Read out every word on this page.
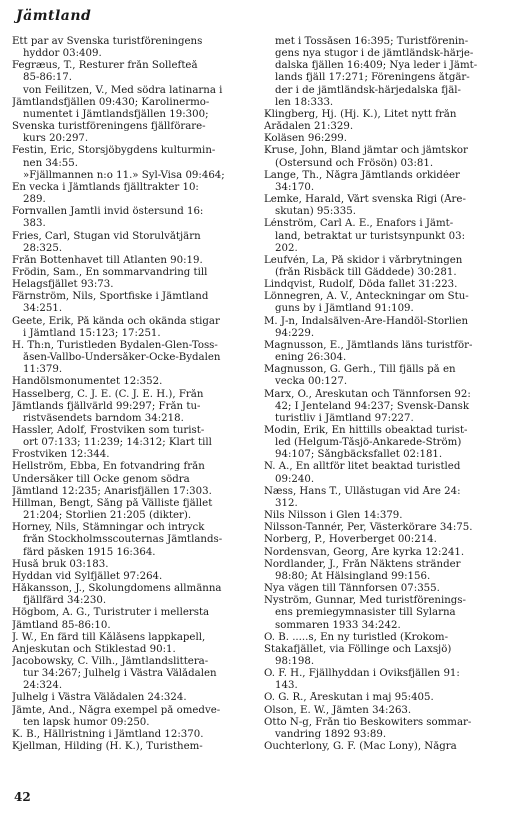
Jämtland
Ett par av Svenska turistföreningens
hyddor 03:409.
Fegræus, T., Resturer från Sollefteå
85-86:17.
von Feilitzen, V., Med södra latinarna i
Jämtlandsfjällen 09:430; Karolinermo-
numentet i Jämtlandsfjällen 19:300;
Svenska turistföreningens fjällförare-
kurs 20:297.
Festin, Eric, Storsjöbygdens kulturmin-
nen 34:55.
»Fjällmannen n:o 11.» Syl-Visa 09:464;
En vecka i Jämtlands fjälltrakter 10:
289.
Fornvallen Jamtli invid östersund 16:
383.
Fries, Carl, Stugan vid Storulvåtjärn
28:325.
Från Bottenhavet till Atlanten 90:19.
Frödin, Sam., En sommarvandring till
Helagsfjället 93:73.
Färnström, Nils, Sportfiske i Jämtland
34:251.
Geete, Erik, På kända och okända stigar
i Jämtland 15:123; 17:251.
H. Th:n, Turistleden Bydalen-Glen-Toss-
åsen-Vallbo-Undersåker-Ocke-Bydalen
11:379.
Handölsmonumentet 12:352.
Hasselberg, C. J. E. (C. J. E. H.), Från
Jämtlands fjällvärld 99:297; Från tu-
ristväsendets barndom 34:218.
Hassler, Adolf, Frostviken som turist-
ort 07:133; 11:239; 14:312; Klart till
Frostviken 12:344.
Hellström, Ebba, En fotvandring från
Undersåker till Ocke genom södra
Jämtland 12:235; Anarisfjällen 17:303.
Hillman, Bengt, Sång på Välliste fjället
21:204; Storlien 21:205 (dikter).
Horney, Nils, Stämningar och intryck
från Stockholmsscouternas Jämtlands-
färd påsken 1915 16:364.
Huså bruk 03:183.
Hyddan vid Sylfjället 97:264.
Håkansson, J., Skolungdomens allmänna
fjällfärd 34:230.
Högbom, A. G., Turistruter i mellersta
Jämtland 85-86:10.
J. W., En färd till Kålåsens lappkapell,
Anjeskutan och Stiklestad 90:1.
Jacobowsky, C. Vilh., Jämtlandslittera-
tur 34:267; Julhelg i Västra Välådalen
24:324.
Julhelg i Västra Välådalen 24:324.
Jämte, And., Några exempel på omedve-
ten lapsk humor 09:250.
K. B., Hällristning i Jämtland 12:370.
Kjellman, Hilding (H. K.), Turisthem-
met i Tossåsen 16:395; Turistförenin-
gens nya stugor i de jämtländsk-härje-
dalska fjällen 16:409; Nya leder i Jämt-
lands fjäll 17:271; Föreningens åtgär-
der i de jämtländsk-härjedalska fjäl-
len 18:333.
Klingberg, Hj. (Hj. K.), Litet nytt från
Arådalen 21:329.
Koläsen 96:299.
Kruse, John, Bland jämtar och jämtskor
(Östersund och Frösön) 03:81.
Lange, Th., Några Jämtlands orkidéer
34:170.
Lemke, Harald, Vårt svenska Rigi (Åre-
skutan) 95:335.
Lénström, Carl A. E., Enafors i Jämt-
land, betraktat ur turistsynpunkt 03:
202.
Leufvén, La, På skidor i vårbrytningen
(från Risbäck till Gäddede) 30:281.
Lindqvist, Rudolf, Döda fallet 31:223.
Lönnegren, A. V., Anteckningar om Stu-
guns by i Jämtland 91:109.
M. J-n, Indalsälven-Åre-Handöl-Storlien
94:229.
Magnusson, E., Jämtlands läns turistför-
ening 26:304.
Magnusson, G. Gerh., Till fjälls på en
vecka 00:127.
Marx, O., Åreskutan och Tännforsen 92:
42; I Jenteland 94:237; Svensk-Dansk
turistliv i Jämtland 97:227.
Modin, Erik, En hittills obeaktad turist-
led (Helgum-Tåsjö-Ankarede-Ström)
94:107; Sångbäcksfallet 02:181.
N. A., En alltför litet beaktad turistled
09:240.
Næss, Hans T., Ullåstugan vid Åre 24:
312.
Nils Nilsson i Glen 14:379.
Nilsson-Tannér, Per, Västerkörare 34:75.
Norberg, P., Hoverberget 00:214.
Nordensvan, Georg, Åre kyrka 12:241.
Nordlander, J., Från Näktens stränder
98:80; Åt Hälsingland 99:156.
Nya vägen till Tännforsen 07:355.
Nyström, Gunnar, Med turistförenings-
ens premiegymnasister till Sylarna
sommaren 1933 34:242.
O. B. .....s, En ny turistled (Krokom-
Stakafjället, via Föllinge och Laxsjö)
98:198.
O. F. H., Fjällhyddan i Oviksfjällen 91:
143.
O. G. R., Åreskutan i maj 95:405.
Olson, E. W., Jämten 34:263.
Otto N-g, Från tio Beskowiters sommar-
vandring 1892 93:89.
Ouchterlony, G. F. (Mac Lony), Några
42
